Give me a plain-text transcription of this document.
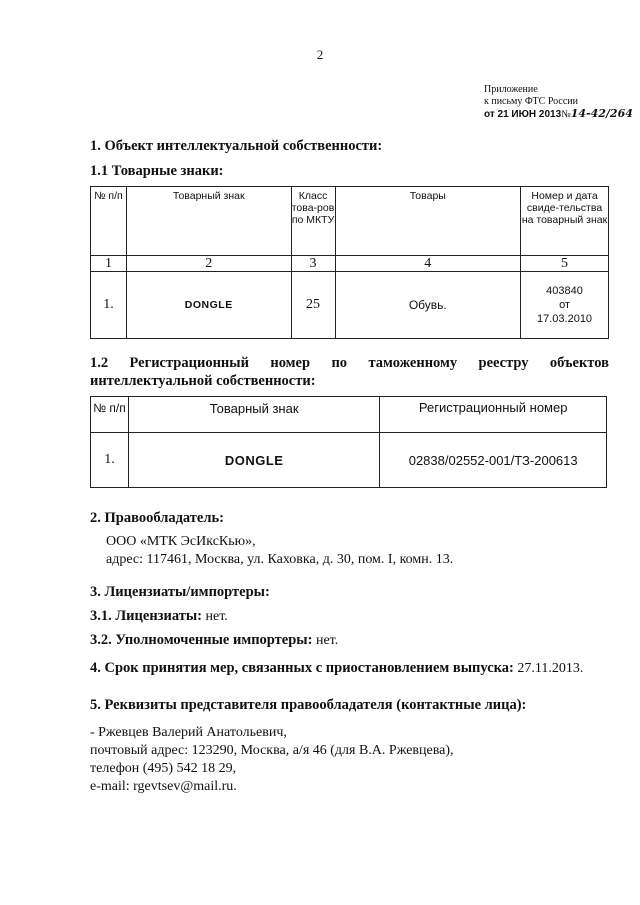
2
Приложение
к письму ФТС России
от 21 ИЮН 2013№14-42/264
1. Объект интеллектуальной собственности:
1.1 Товарные знаки:
№ п/п	Товарный знак	Класс това-ров по МКТУ	Товары	Номер и дата свиде-тельства на товарный знак
1	2	3	4	5
1.	DONGLE	25	Обувь.	403840
от
17.03.2010
1.2 Регистрационный номер по таможенному реестру объектов
интеллектуальной собственности:
№ п/п	Товарный знак	Регистрационный номер
1.	DONGLE	02838/02552-001/ТЗ-200613
2. Правообладатель:
ООО «МТК ЭсИксКью»,
адрес: 117461, Москва, ул. Каховка, д. 30, пом. I, комн. 13.
3. Лицензиаты/импортеры:
3.1. Лицензиаты: нет.
3.2. Уполномоченные импортеры: нет.
4. Срок принятия мер, связанных с приостановлением выпуска: 27.11.2013.
5. Реквизиты представителя правообладателя (контактные лица):
- Ржевцев Валерий Анатольевич,
почтовый адрес: 123290, Москва, а/я 46 (для В.А. Ржевцева),
телефон (495) 542 18 29,
e-mail: rgevtsev@mail.ru.
